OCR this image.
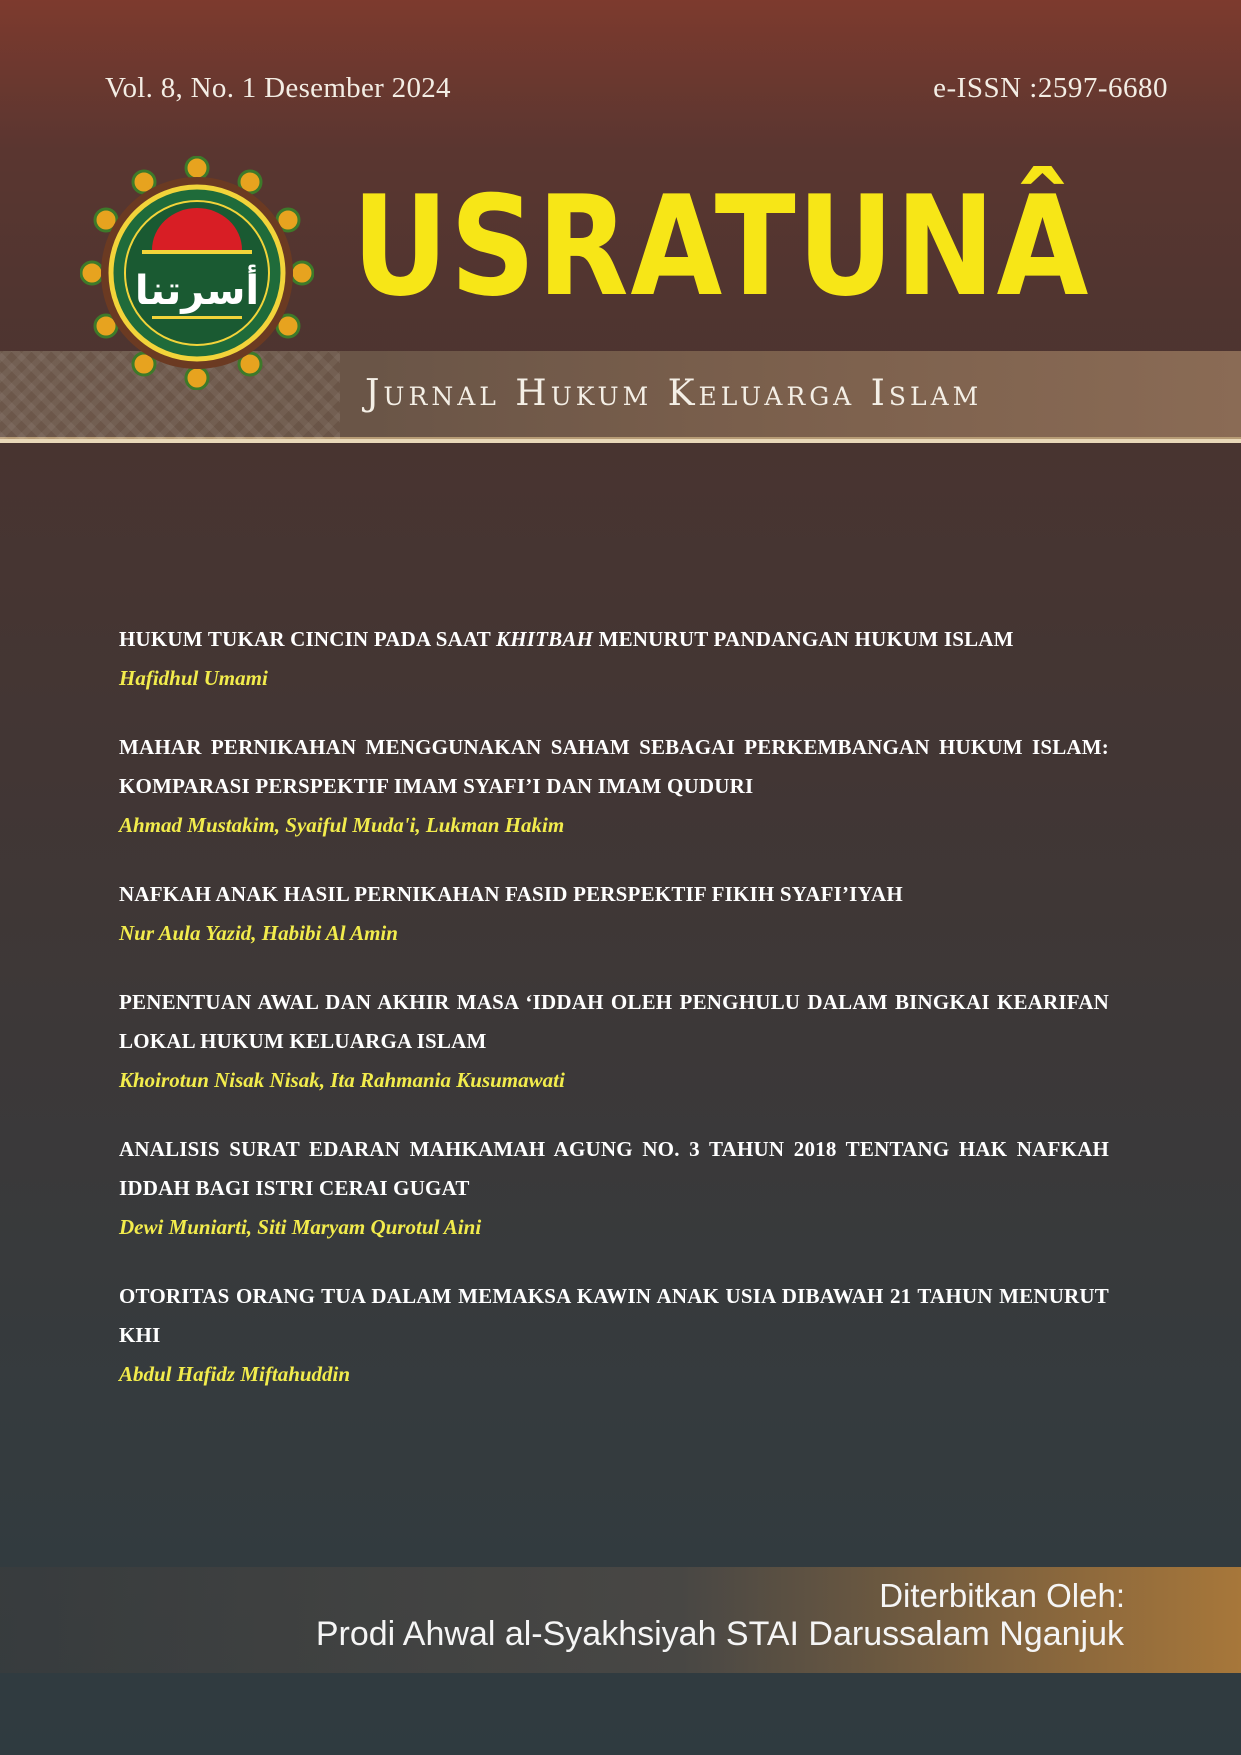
Vol. 8, No. 1 Desember 2024	e-ISSN :2597-6680
Jurnal Hukum Keluarga Islam
USRATUNÂ
أسرتنا
HUKUM TUKAR CINCIN PADA SAAT KHITBAH MENURUT PANDANGAN HUKUM ISLAM
Hafidhul Umami
MAHAR PERNIKAHAN MENGGUNAKAN SAHAM SEBAGAI PERKEMBANGAN HUKUM ISLAM: KOMPARASI PERSPEKTIF IMAM SYAFI’I DAN IMAM QUDURI
Ahmad Mustakim, Syaiful Muda'i, Lukman Hakim
NAFKAH ANAK HASIL PERNIKAHAN FASID PERSPEKTIF FIKIH SYAFI’IYAH
Nur Aula Yazid, Habibi Al Amin
PENENTUAN AWAL DAN AKHIR MASA ‘IDDAH OLEH PENGHULU DALAM BINGKAI KEARIFAN LOKAL HUKUM KELUARGA ISLAM
Khoirotun Nisak Nisak, Ita Rahmania Kusumawati
ANALISIS SURAT EDARAN MAHKAMAH AGUNG NO. 3 TAHUN 2018 TENTANG HAK NAFKAH IDDAH BAGI ISTRI CERAI GUGAT
Dewi Muniarti, Siti Maryam Qurotul Aini
OTORITAS ORANG TUA DALAM MEMAKSA KAWIN ANAK USIA DIBAWAH 21 TAHUN MENURUT KHI
Abdul Hafidz Miftahuddin
Diterbitkan Oleh:
Prodi Ahwal al-Syakhsiyah STAI Darussalam Nganjuk
